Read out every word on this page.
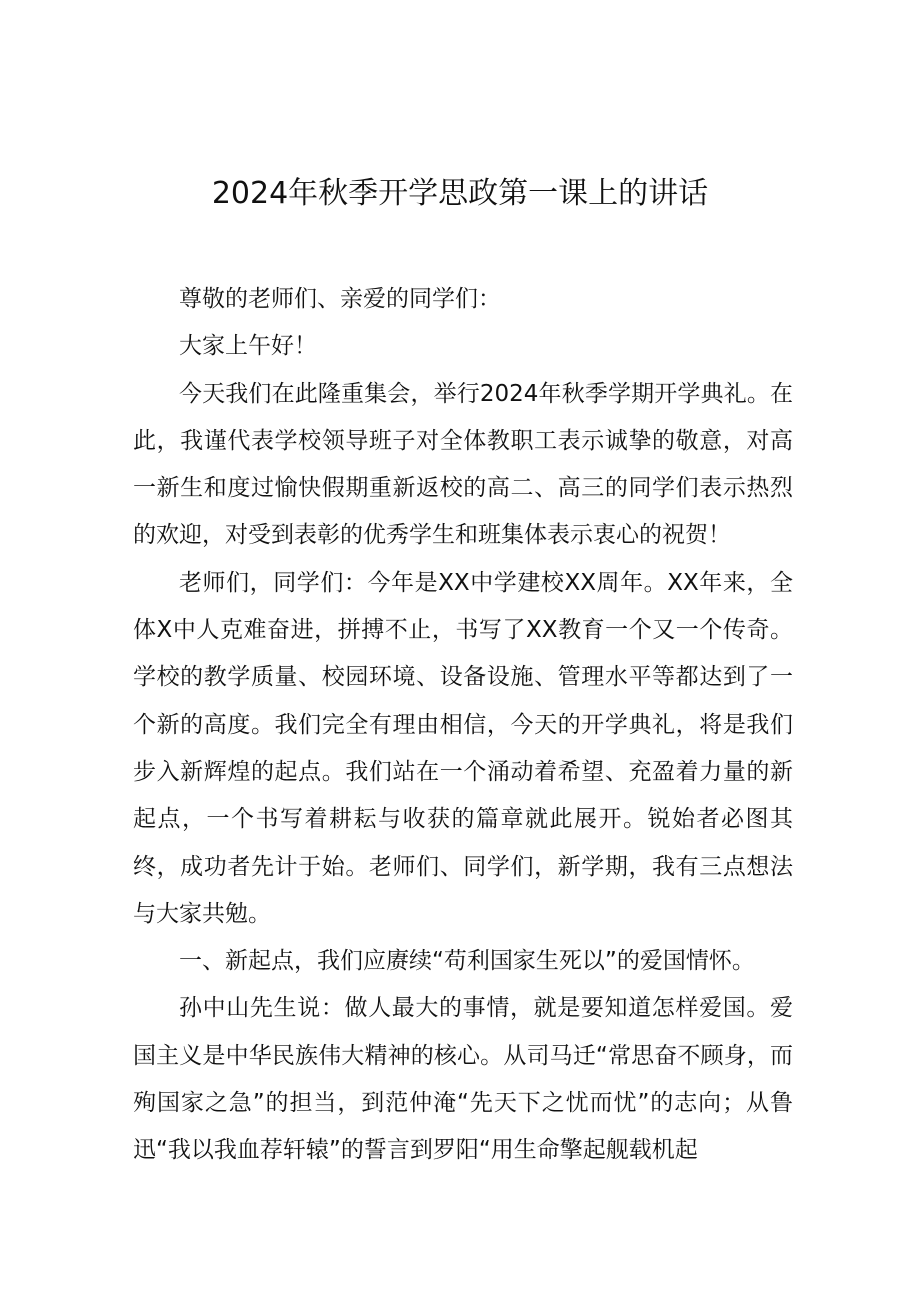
2024年秋季开学思政第一课上的讲话

尊敬的老师们、亲爱的同学们：

大家上午好！

今天我们在此隆重集会，举行2024年秋季学期开学典礼。在此，我谨代表学校领导班子对全体教职工表示诚挚的敬意，对高一新生和度过愉快假期重新返校的高二、高三的同学们表示热烈的欢迎，对受到表彰的优秀学生和班集体表示衷心的祝贺！

老师们，同学们：今年是XX中学建校XX周年。XX年来，全体X中人克难奋进，拼搏不止，书写了XX教育一个又一个传奇。学校的教学质量、校园环境、设备设施、管理水平等都达到了一个新的高度。我们完全有理由相信，今天的开学典礼，将是我们步入新辉煌的起点。我们站在一个涌动着希望、充盈着力量的新起点，一个书写着耕耘与收获的篇章就此展开。锐始者必图其终，成功者先计于始。老师们、同学们，新学期，我有三点想法与大家共勉。

一、新起点，我们应赓续“苟利国家生死以”的爱国情怀。

孙中山先生说：做人最大的事情，就是要知道怎样爱国。爱国主义是中华民族伟大精神的核心。从司马迁“常思奋不顾身，而殉国家之急”的担当，到范仲淹“先天下之忧而忧”的志向；从鲁迅“我以我血荐轩辕”的誓言到罗阳“用生命擎起舰载机起
